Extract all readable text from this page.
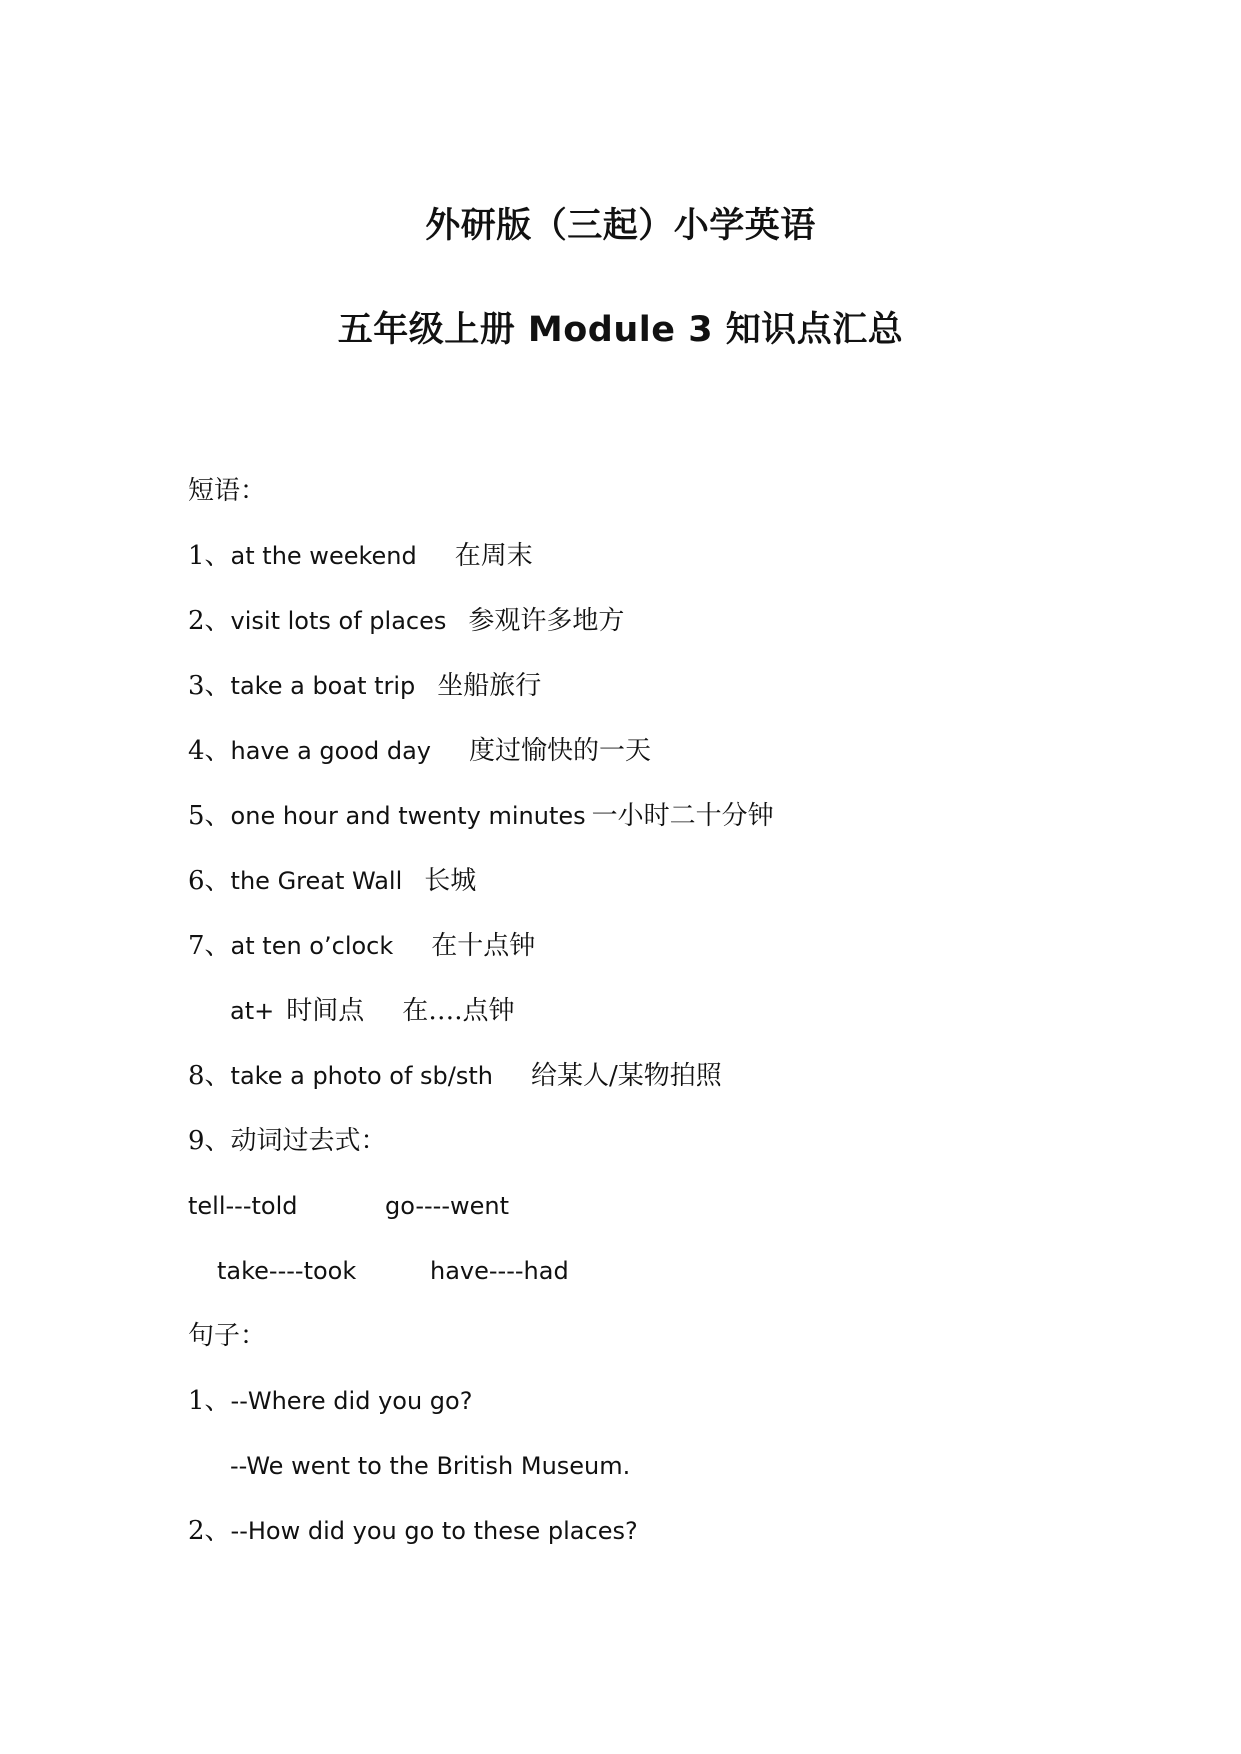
外研版（三起）小学英语
五年级上册 Module 3 知识点汇总
短语：
1、at the weekend 在周末
2、visit lots of places 参观许多地方
3、take a boat trip 坐船旅行
4、have a good day 度过愉快的一天
5、one hour and twenty minutes 一小时二十分钟
6、the Great Wall 长城
7、at ten o’clock 在十点钟
at+ 时间点 在….点钟
8、take a photo of sb/sth 给某人/某物拍照
9、动词过去式：
tell---told	go----went
take----took	have----had
句子：
1、--Where did you go?
--We went to the British Museum.
2、--How did you go to these places?
